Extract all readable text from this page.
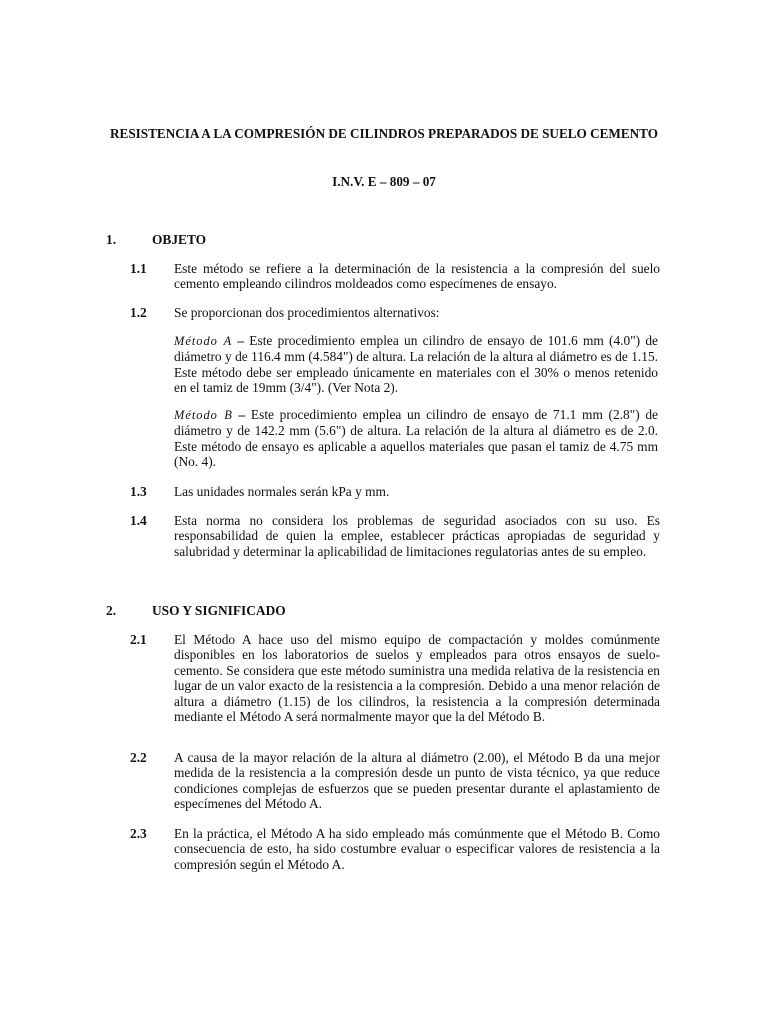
RESISTENCIA A LA COMPRESIÓN DE CILINDROS PREPARADOS DE SUELO CEMENTO
I.N.V. E – 809 – 07
1.	OBJETO
1.1	Este método se refiere a la determinación de la resistencia a la compresión del suelo cemento empleando cilindros moldeados como especímenes de ensayo.
1.2	Se proporcionan dos procedimientos alternativos:
Método A – Este procedimiento emplea un cilindro de ensayo de 101.6 mm (4.0") de diámetro y de 116.4 mm (4.584") de altura. La relación de la altura al diámetro es de 1.15. Este método debe ser empleado únicamente en materiales con el 30% o menos retenido en el tamiz de 19mm (3/4"). (Ver Nota 2).
Método B – Este procedimiento emplea un cilindro de ensayo de 71.1 mm (2.8") de diámetro y de 142.2 mm (5.6") de altura. La relación de la altura al diámetro es de 2.0. Este método de ensayo es aplicable a aquellos materiales que pasan el tamiz de 4.75 mm (No. 4).
1.3	Las unidades normales serán kPa y mm.
1.4	Esta norma no considera los problemas de seguridad asociados con su uso. Es responsabilidad de quien la emplee, establecer prácticas apropiadas de seguridad y salubridad y determinar la aplicabilidad de limitaciones regulatorias antes de su empleo.
2.	USO Y SIGNIFICADO
2.1	El Método A hace uso del mismo equipo de compactación y moldes comúnmente disponibles en los laboratorios de suelos y empleados para otros ensayos de suelo-cemento. Se considera que este método suministra una medida relativa de la resistencia en lugar de un valor exacto de la resistencia a la compresión. Debido a una menor relación de altura a diámetro (1.15) de los cilindros, la resistencia a la compresión determinada mediante el Método A será normalmente mayor que la del Método B.
2.2	A causa de la mayor relación de la altura al diámetro (2.00), el Método B da una mejor medida de la resistencia a la compresión desde un punto de vista técnico, ya que reduce condiciones complejas de esfuerzos que se pueden presentar durante el aplastamiento de especímenes del Método A.
2.3	En la práctica, el Método A ha sido empleado más comúnmente que el Método B. Como consecuencia de esto, ha sido costumbre evaluar o especificar valores de resistencia a la compresión según el Método A.
